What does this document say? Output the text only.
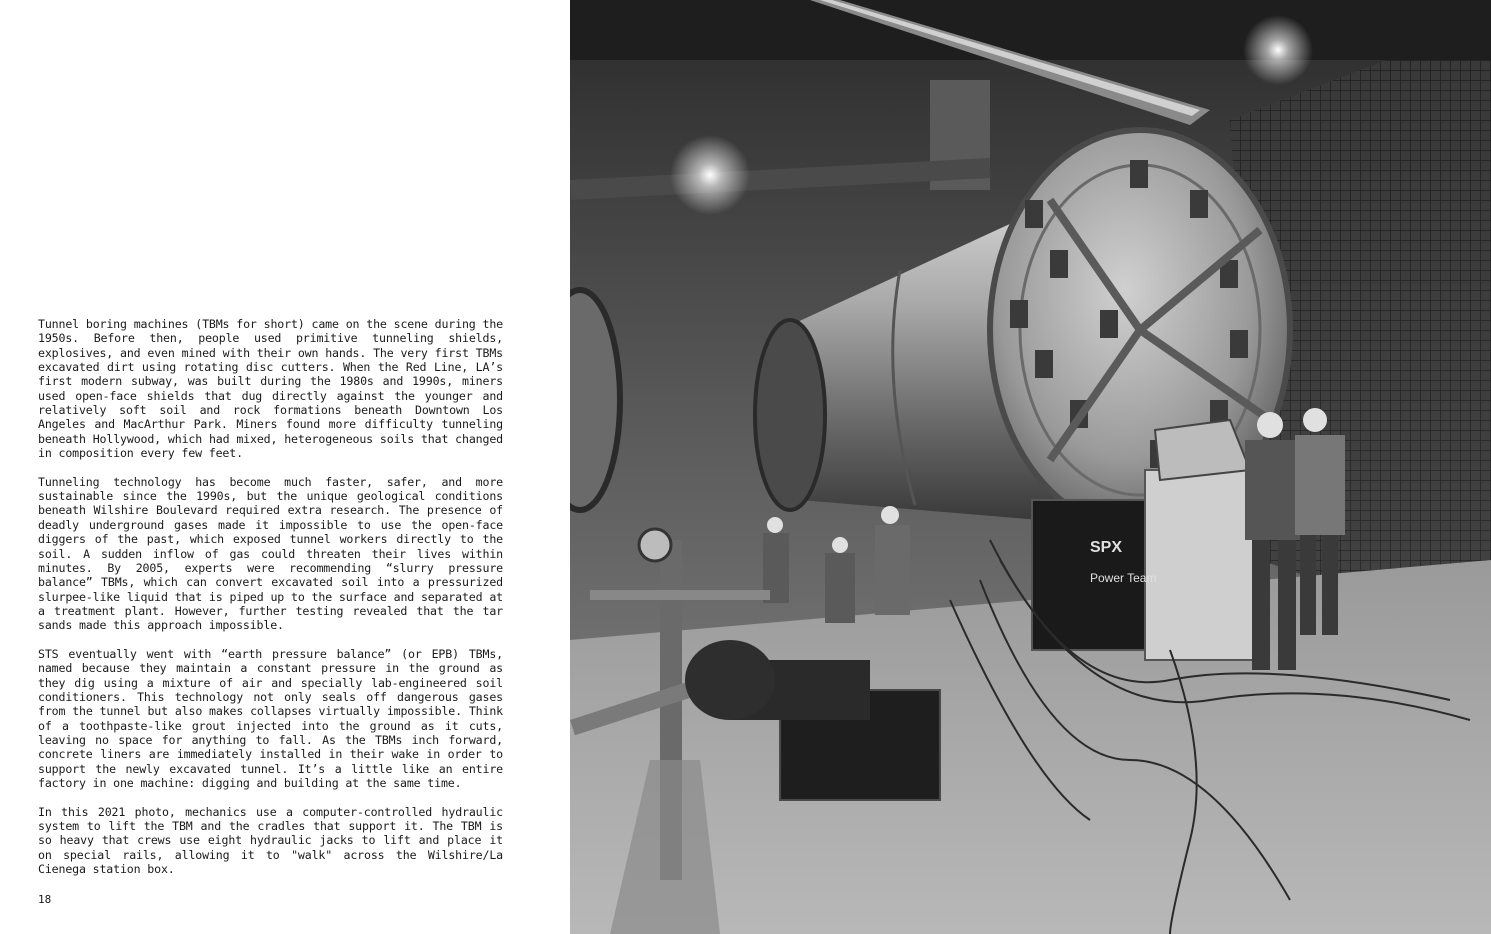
Tunnel boring machines (TBMs for short) came on the scene during the 1950s. Before then, people used primitive tunneling shields, explosives, and even mined with their own hands. The very first TBMs excavated dirt using rotating disc cutters. When the Red Line, LA’s first modern subway, was built during the 1980s and 1990s, miners used open-face shields that dug directly against the younger and relatively soft soil and rock formations beneath Downtown Los Angeles and MacArthur Park. Miners found more difficulty tunneling beneath Hollywood, which had mixed, heterogeneous soils that changed in composition every few feet.

Tunneling technology has become much faster, safer, and more sustainable since the 1990s, but the unique geological conditions beneath Wilshire Boulevard required extra research. The presence of deadly underground gases made it impossible to use the open-face diggers of the past, which exposed tunnel workers directly to the soil. A sudden inflow of gas could threaten their lives within minutes. By 2005, experts were recommending “slurry pressure balance” TBMs, which can convert excavated soil into a pressurized slurpee-like liquid that is piped up to the surface and separated at a treatment plant. However, further testing revealed that the tar sands made this approach impossible.

STS eventually went with “earth pressure balance” (or EPB) TBMs, named because they maintain a constant pressure in the ground as they dig using a mixture of air and specially lab-engineered soil conditioners. This technology not only seals off dangerous gases from the tunnel but also makes collapses virtually impossible. Think of a toothpaste-like grout injected into the ground as it cuts, leaving no space for anything to fall. As the TBMs inch forward, concrete liners are immediately installed in their wake in order to support the newly excavated tunnel. It’s a little like an entire factory in one machine: digging and building at the same time.

In this 2021 photo, mechanics use a computer-controlled hydraulic system to lift the TBM and the cradles that support it. The TBM is so heavy that crews use eight hydraulic jacks to lift and place it on special rails, allowing it to "walk" across the Wilshire/La Cienega station box.

18
SPX
Power Team
